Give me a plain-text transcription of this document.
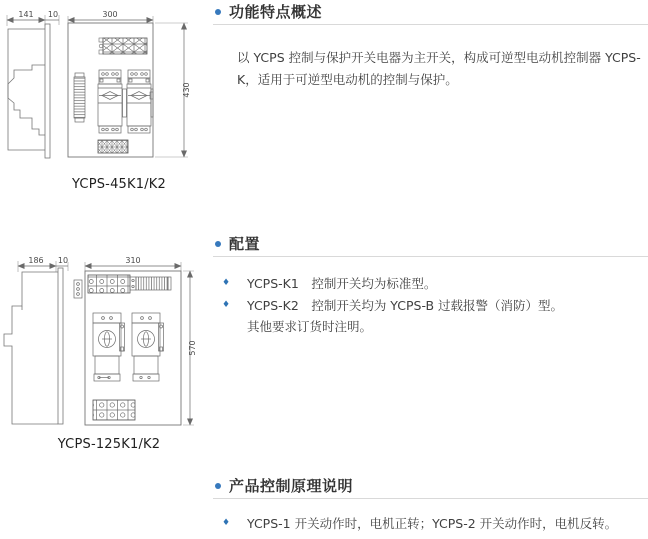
141 10	300
430
YCPS-45K1/K2
186 10	310
570
YCPS-125K1/K2
功能特点概述

以 YCPS 控制与保护开关电器为主开关，构成可逆型电动机控制器 YCPS-K，适用于可逆型电动机的控制与保护。

配置
♦ YCPS-K1　控制开关均为标准型。
♦ YCPS-K2　控制开关均为 YCPS-B 过载报警（消防）型。

其他要求订货时注明。

产品控制原理说明
♦ YCPS-1 开关动作时，电机正转；YCPS-2 开关动作时，电机反转。
